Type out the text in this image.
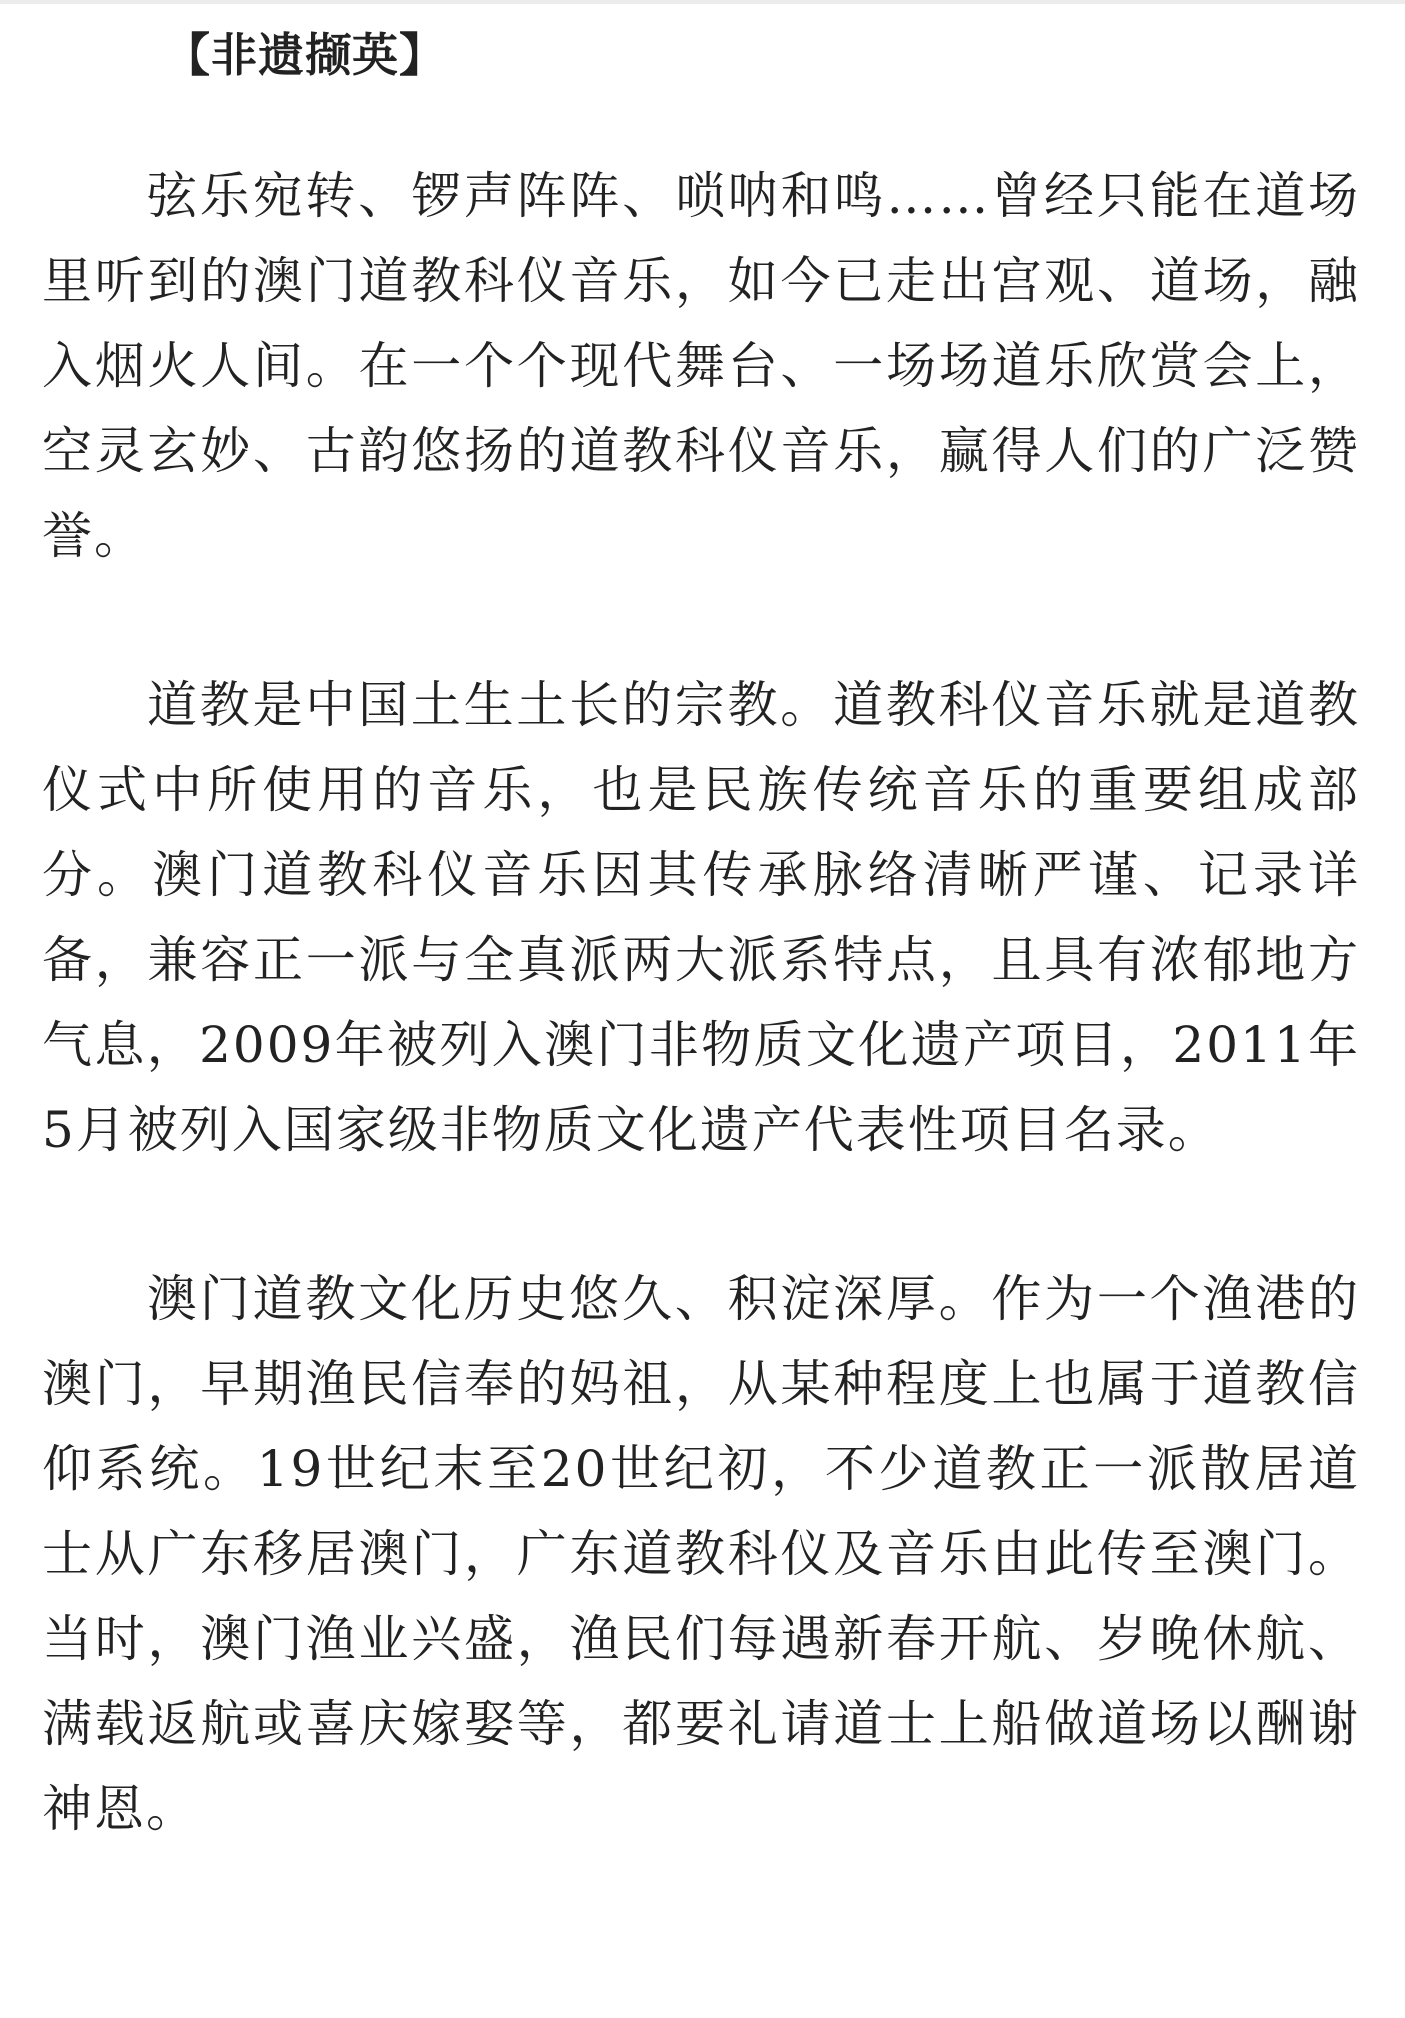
【非遗撷英】

弦乐宛转、锣声阵阵、唢呐和鸣……曾经只能在道场里听到的澳门道教科仪音乐，如今已走出宫观、道场，融入烟火人间。在一个个现代舞台、一场场道乐欣赏会上，空灵玄妙、古韵悠扬的道教科仪音乐，赢得人们的广泛赞誉。

道教是中国土生土长的宗教。道教科仪音乐就是道教仪式中所使用的音乐，也是民族传统音乐的重要组成部分。澳门道教科仪音乐因其传承脉络清晰严谨、记录详备，兼容正一派与全真派两大派系特点，且具有浓郁地方气息，2009年被列入澳门非物质文化遗产项目，2011年5月被列入国家级非物质文化遗产代表性项目名录。

澳门道教文化历史悠久、积淀深厚。作为一个渔港的澳门，早期渔民信奉的妈祖，从某种程度上也属于道教信仰系统。19世纪末至20世纪初，不少道教正一派散居道士从广东移居澳门，广东道教科仪及音乐由此传至澳门。当时，澳门渔业兴盛，渔民们每遇新春开航、岁晚休航、满载返航或喜庆嫁娶等，都要礼请道士上船做道场以酬谢神恩。
